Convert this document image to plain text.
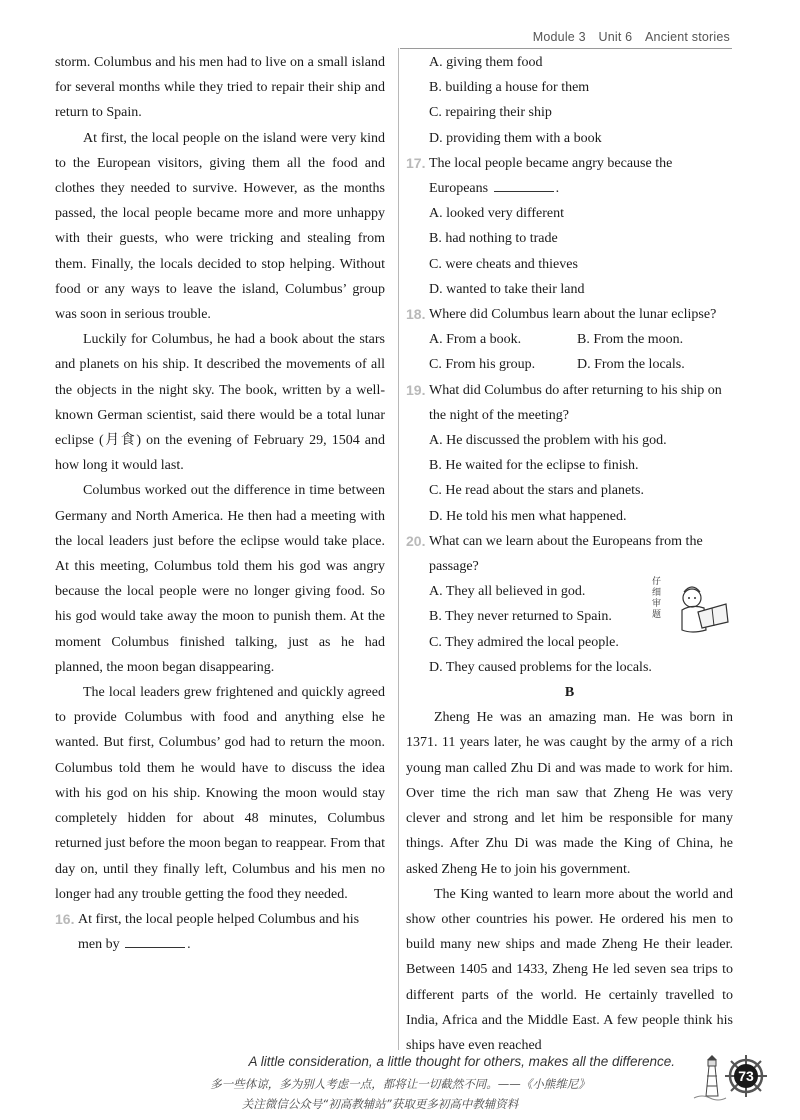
Module 3 Unit 6 Ancient stories

storm. Columbus and his men had to live on a small island for several months while they tried to repair their ship and return to Spain.

At first, the local people on the island were very kind to the European visitors, giving them all the food and clothes they needed to survive. However, as the months passed, the local people became more and more unhappy with their guests, who were tricking and stealing from them. Finally, the locals decided to stop helping. Without food or any ways to leave the island, Columbus’ group was soon in serious trouble.

Luckily for Columbus, he had a book about the stars and planets on his ship. It described the movements of all the objects in the night sky. The book, written by a well-known German scientist, said there would be a total lunar eclipse (月食) on the evening of February 29, 1504 and how long it would last.

Columbus worked out the difference in time between Germany and North America. He then had a meeting with the local leaders just before the eclipse would take place. At this meeting, Columbus told them his god was angry because the local people were no longer giving food. So his god would take away the moon to punish them. At the moment Columbus finished talking, just as he had planned, the moon began disappearing.

The local leaders grew frightened and quickly agreed to provide Columbus with food and anything else he wanted. But first, Columbus’ god had to return the moon. Columbus told them he would have to discuss the idea with his god on his ship. Knowing the moon would stay completely hidden for about 48 minutes, Columbus returned just before the moon began to reappear. From that day on, until they finally left, Columbus and his men no longer had any trouble getting the food they needed.

16. At first, the local people helped Columbus and his men by	.

A. giving them food

B. building a house for them

C. repairing their ship

D. providing them with a book

17. The local people became angry because the Europeans	.

A. looked very different

B. had nothing to trade

C. were cheats and thieves

D. wanted to take their land

18. Where did Columbus learn about the lunar eclipse?
A. From a book.	B. From the moon.
C. From his group.	D. From the locals.
19. What did Columbus do after returning to his ship on the night of the meeting?

A. He discussed the problem with his god.

B. He waited for the eclipse to finish.

C. He read about the stars and planets.

D. He told his men what happened.

20. What can we learn about the Europeans from the passage?

A. They all believed in god.

B. They never returned to Spain.

C. They admired the local people.

D. They caused problems for the locals.

B

Zheng He was an amazing man. He was born in 1371. 11 years later, he was caught by the army of a rich young man called Zhu Di and was made to work for him. Over time the rich man saw that Zheng He was very clever and strong and let him be responsible for many things. After Zhu Di was made the King of China, he asked Zheng He to join his government.

The King wanted to learn more about the world and show other countries his power. He ordered his men to build many new ships and made Zheng He their leader. Between 1405 and 1433, Zheng He led seven sea trips to different parts of the world. He certainly travelled to India, Africa and the Middle East. A few people think his ships have even reached

仔
细
审
题
A little consideration, a little thought for others, makes all the difference.
多一些体谅，多为别人考虑一点，都将让一切截然不同。——《小熊维尼》
关注微信公众号“初高教辅站”获取更多初高中教辅资料
73
